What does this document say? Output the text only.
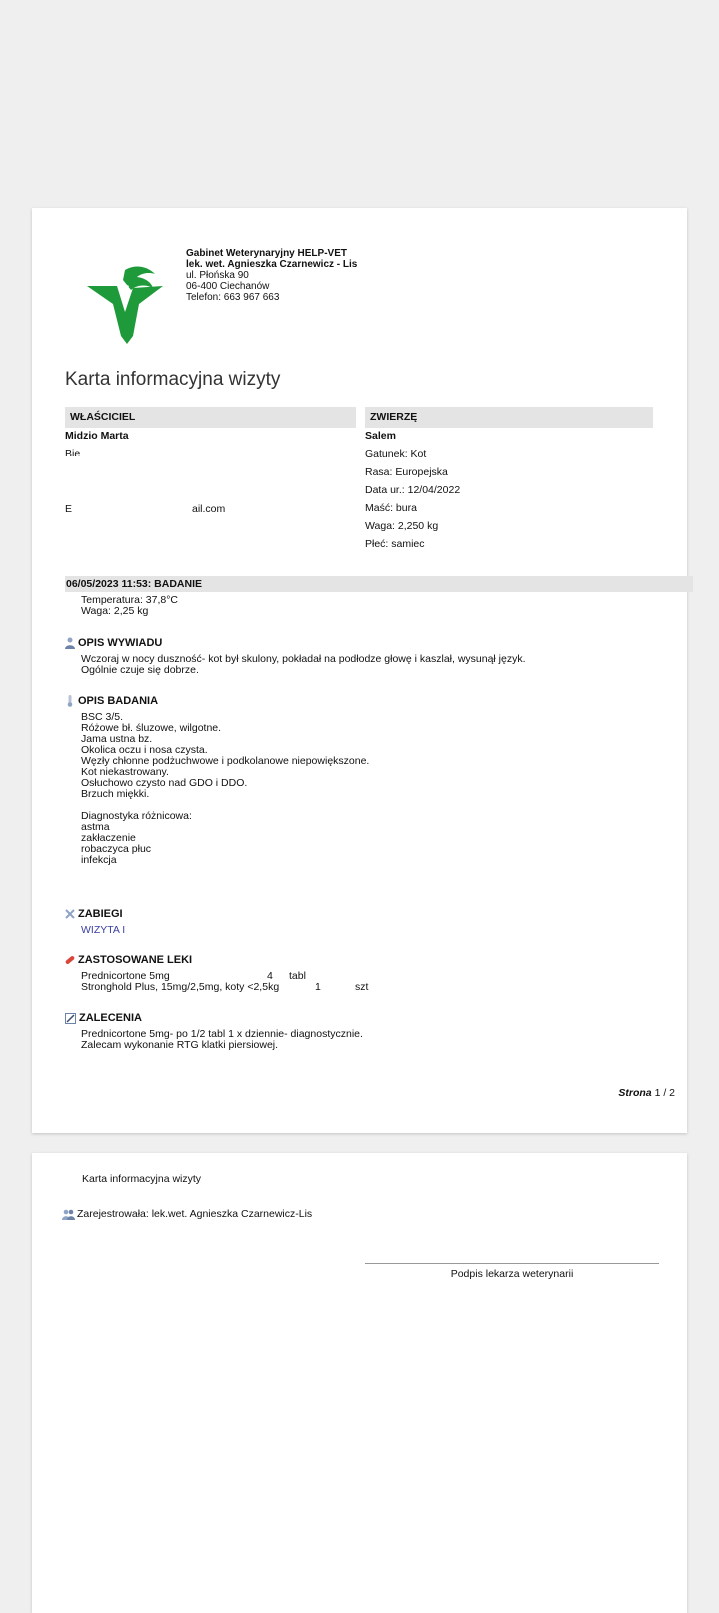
Gabinet Weterynaryjny HELP-VET
lek. wet. Agnieszka Czarnewicz - Lis
ul. Płońska 90
06-400 Ciechanów
Telefon: 663 967 663
Karta informacyjna wizyty
WŁAŚCICIEL	ZWIERZĘ
Midzio Marta
Bie
E	ail.com
Salem
Gatunek: Kot
Rasa: Europejska
Data ur.: 12/04/2022
Maść: bura
Waga: 2,250 kg
Płeć: samiec
06/05/2023 11:53: BADANIE
Temperatura: 37,8°C
Waga: 2,25 kg
OPIS WYWIADU
Wczoraj w nocy duszność- kot był skulony, pokładał na podłodze głowę i kaszlał, wysunął język.
Ogólnie czuje się dobrze.
OPIS BADANIA
BSC 3/5.
Różowe bł. śluzowe, wilgotne.
Jama ustna bz.
Okolica oczu i nosa czysta.
Węzły chłonne podżuchwowe i podkolanowe niepowiększone.
Kot niekastrowany.
Osłuchowo czysto nad GDO i DDO.
Brzuch miękki.
Diagnostyka różnicowa:
astma
zakłaczenie
robaczyca płuc
infekcja
ZABIEGI
WIZYTA I
ZASTOSOWANE LEKI
Prednicortone 5mg	4 tabl
Stronghold Plus, 15mg/2,5mg, koty <2,5kg	1	szt
ZALECENIA
Prednicortone 5mg- po 1/2 tabl 1 x dziennie- diagnostycznie.
Zalecam wykonanie RTG klatki piersiowej.
Strona 1 / 2
Karta informacyjna wizyty
Zarejestrowała: lek.wet. Agnieszka Czarnewicz-Lis
Podpis lekarza weterynarii
